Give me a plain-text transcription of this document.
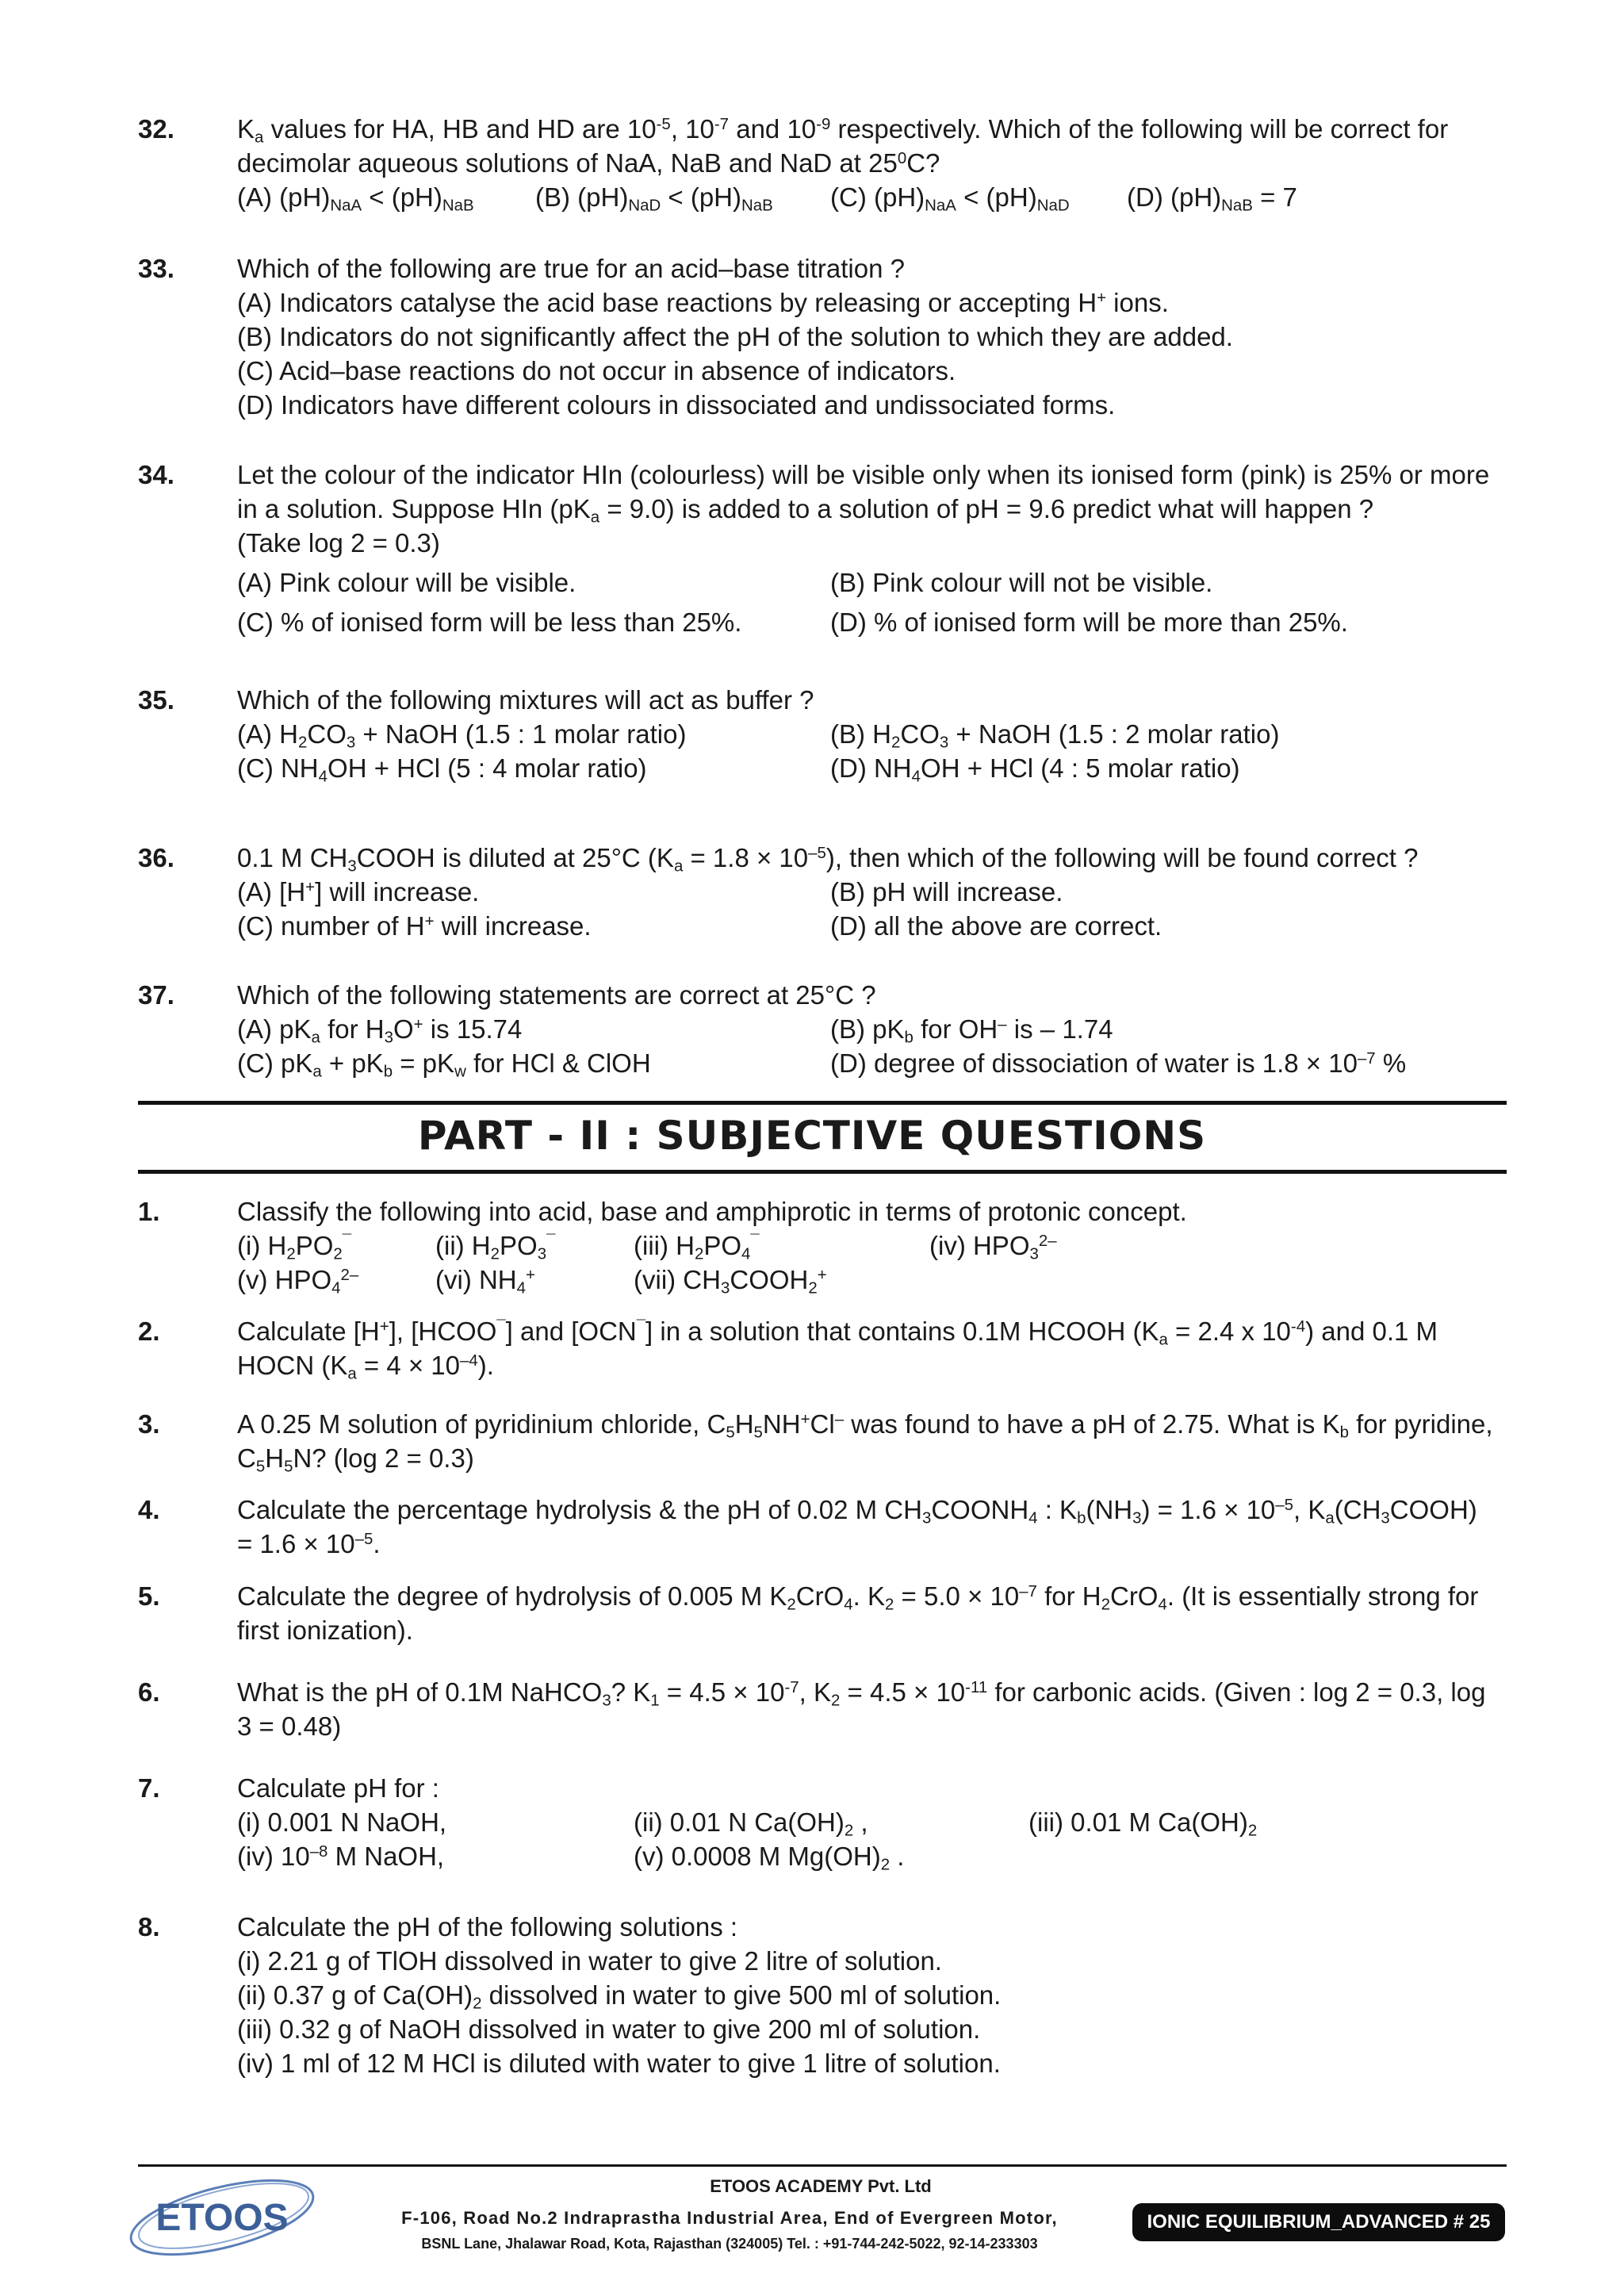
32. $K_a$ values for HA, HB and HD are $10^{-5}$, $10^{-7}$ and $10^{-9}$ respectively. Which of the following will be correct for
decimolar aqueous solutions of NaA, NaB and NaD at $25^0C$?
(A) $(pH)_{NaA} < (pH)_{NaB}$ (B) $(pH)_{NaD} < (pH)_{NaB}$ (C) $(pH)_{NaA} < (pH)_{NaD}$ (D) $(pH)_{NaB} = 7$
33. Which of the following are true for an acid–base titration ?
(A) Indicators catalyse the acid base reactions by releasing or accepting H+ ions.
(B) Indicators do not significantly affect the pH of the solution to which they are added.
(C) Acid–base reactions do not occur in absence of indicators.
(D) Indicators have different colours in dissociated and undissociated forms.
34. Let the colour of the indicator HIn (colourless) will be visible only when its ionised form (pink) is 25% or more
in a solution. Suppose HIn $(pK_a = 9.0)$ is added to a solution of pH = 9.6 predict what will happen ?
(Take log 2 = 0.3)
(A) Pink colour will be visible.	(B) Pink colour will not be visible.
(C) % of ionised form will be less than 25%.	(D) % of ionised form will be more than 25%.
35. Which of the following mixtures will act as buffer ?
(A) $H_2CO_3$ + NaOH (1.5 : 1 molar ratio)	(B) $H_2CO_3$ + NaOH (1.5 : 2 molar ratio)
(C) $NH_4OH$ + HCl (5 : 4 molar ratio)	(D) $NH_4OH$ + HCl (4 : 5 molar ratio)
36. 0.1 M $CH_3COOH$ is diluted at 25°C $(K_a = 1.8 \times 10^{-5})$, then which of the following will be found correct ?
(A) [H+] will increase.	(B) pH will increase.
(C) number of H+ will increase.	(D) all the above are correct.
37. Which of the following statements are correct at 25°C ?
(A) $pK_a$ for $H_3O^+$ is 15.74	(B) $pK_b$ for OH– is – 1.74
(C) $pK_a + pK_b = pK_w$ for HCl & ClOH	(D) degree of dissociation of water is $1.8 \times 10^{-7}$ %
PART - II : SUBJECTIVE QUESTIONS
1.	Classify the following into acid, base and amphiprotic in terms of protonic concept.
(i) $H_2PO_2^¯$	(ii) $H_2PO_3^¯$	(iii) $H_2PO_4^¯$	(iv) $HPO_3^{2-}$
(v) $HPO_4^{2-}$	(vi) $NH_4^+$	(vii) $CH_3COOH_2^+$
2.	Calculate [H+], [HCOO¯] and [OCN¯] in a solution that contains 0.1M HCOOH ($K_a = 2.4$ x $10^{-4}$) and 0.1 M
HOCN $(K_a = 4 \times 10^{-4})$.
3.	A 0.25 M solution of pyridinium chloride, $C_5H_5NH^+Cl^-$ was found to have a pH of 2.75. What is $K_b$ for pyridine,
$C_5H_5N$? (log 2 = 0.3)
4.	Calculate the percentage hydrolysis & the pH of 0.02 M $CH_3COONH_4$ : $K_b(NH_3) = 1.6 \times 10^{-5}$, $K_a(CH_3COOH)$
= $1.6 \times 10^{-5}$.
5.	Calculate the degree of hydrolysis of 0.005 M $K_2CrO_4$. $K_2 = 5.0 \times 10^{-7}$ for $H_2CrO_4$. (It is essentially strong for
first ionization).
6.	What is the pH of 0.1M NaHCO$_3$? $K_1 = 4.5 \times 10^{-7}$, $K_2 = 4.5 \times 10^{-11}$ for carbonic acids. (Given : log 2 = 0.3, log
3 = 0.48)
7.	Calculate pH for :
(i) 0.001 N NaOH,	(ii) 0.01 N $Ca(OH)_2$ ,	(iii) 0.01 M $Ca(OH)_2$
(iv) $10^{-8}$ M NaOH,	(v) 0.0008 M $Mg(OH)_2$ .
8.	Calculate the pH of the following solutions :
(i) 2.21 g of TlOH dissolved in water to give 2 litre of solution.
(ii) 0.37 g of $Ca(OH)_2$ dissolved in water to give 500 ml of solution.
(iii) 0.32 g of NaOH dissolved in water to give 200 ml of solution.
(iv) 1 ml of 12 M HCl is diluted with water to give 1 litre of solution.
ETOOS
ETOOS ACADEMY Pvt. Ltd
F-106, Road No.2 Indraprastha Industrial Area, End of Evergreen Motor,
BSNL Lane, Jhalawar Road, Kota, Rajasthan (324005) Tel. : +91-744-242-5022, 92-14-233303
IONIC EQUILIBRIUM_ADVANCED # 25
